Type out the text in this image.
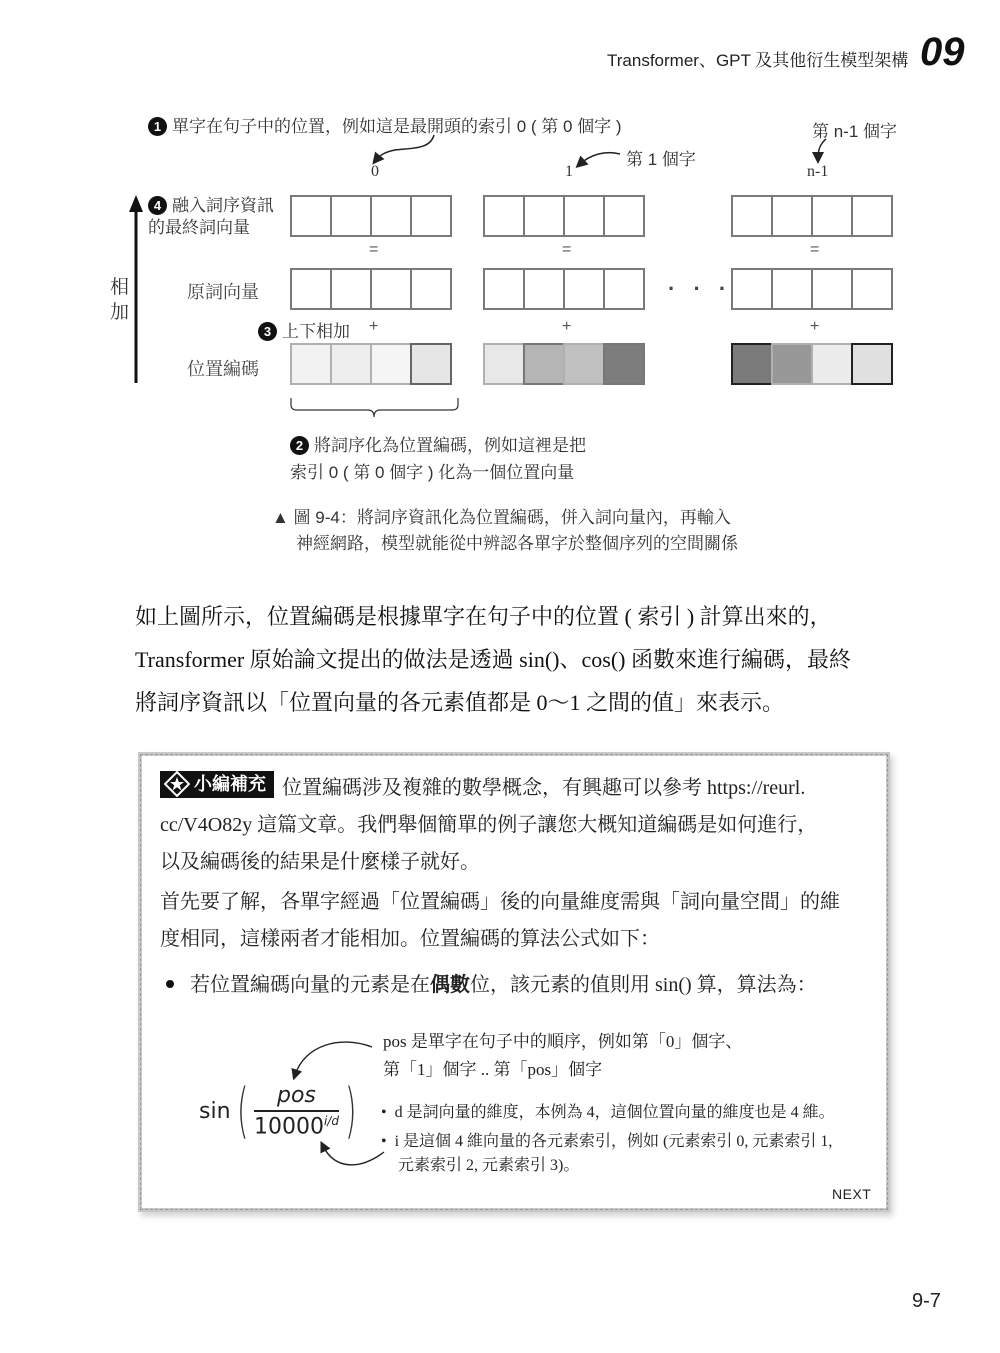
Transformer、GPT 及其他衍生模型架構 09
1 單字在句子中的位置，例如這是最開頭的索引 0 ( 第 0 個字 )
第 1 個字
第 n-1 個字
0	1	n-1
4 融入詞序資訊
的最終詞向量
相
加
=	=	=
原詞向量	· · ·
3 上下相加 +	+	+
位置編碼
2 將詞序化為位置編碼，例如這裡是把
索引 0 ( 第 0 個字 ) 化為一個位置向量
▲ 圖 9-4：將詞序資訊化為位置編碼，併入詞向量內，再輸入
神經網路，模型就能從中辨認各單字於整個序列的空間關係
如上圖所示，位置編碼是根據單字在句子中的位置 ( 索引 ) 計算出來的，
Transformer 原始論文提出的做法是透過 sin()、cos() 函數來進行編碼，最終
將詞序資訊以「位置向量的各元素值都是 0～1 之間的值」來表示。
小編補充 位置編碼涉及複雜的數學概念，有興趣可以參考 https://reurl.
cc/V4O82y 這篇文章。我們舉個簡單的例子讓您大概知道編碼是如何進行，
以及編碼後的結果是什麼樣子就好。
首先要了解，各單字經過「位置編碼」後的向量維度需與「詞向量空間」的維
度相同，這樣兩者才能相加。位置編碼的算法公式如下：
若位置編碼向量的元素是在偶數位，該元素的值則用 sin() 算，算法為：
sin ( pos
$10000^{i/d}$ )
pos 是單字在句子中的順序，例如第「0」個字、
第「1」個字 .. 第「pos」個字
• d 是詞向量的維度，本例為 4，這個位置向量的維度也是 4 維。
• i 是這個 4 維向量的各元素索引，例如 (元素索引 0, 元素索引 1,
元素索引 2, 元素索引 3)。
NEXT
9-7
